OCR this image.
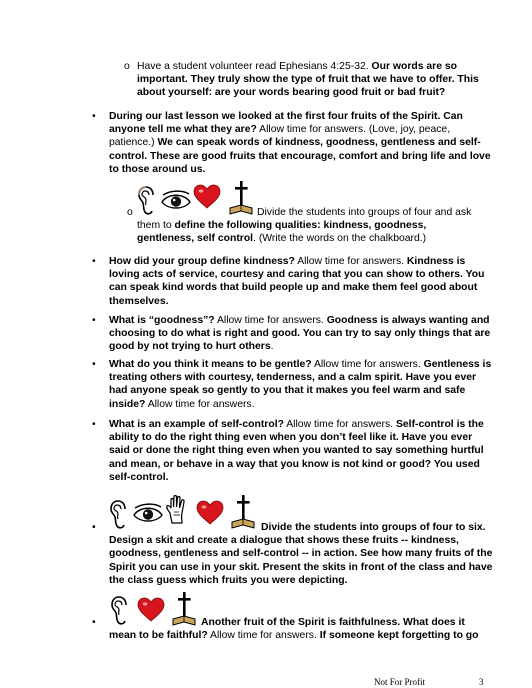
o Have a student volunteer read Ephesians 4:25-32. Our words are so important. They truly show the type of fruit that we have to offer. This about yourself: are your words bearing good fruit or bad fruit?

• During our last lesson we looked at the first four fruits of the Spirit. Can anyone tell me what they are? Allow time for answers. (Love, joy, peace, patience.) We can speak words of kindness, goodness, gentleness and self-control. These are good fruits that encourage, comfort and bring life and love to those around us.

o	Divide the students into groups of four and ask them to define the following qualities: kindness, goodness, gentleness, self control. (Write the words on the chalkboard.)

• How did your group define kindness? Allow time for answers. Kindness is loving acts of service, courtesy and caring that you can show to others. You can speak kind words that build people up and make them feel good about themselves.

• What is “goodness”? Allow time for answers. Goodness is always wanting and choosing to do what is right and good. You can try to say only things that are good by not trying to hurt others.

• What do you think it means to be gentle? Allow time for answers. Gentleness is treating others with courtesy, tenderness, and a calm spirit. Have you ever had anyone speak so gently to you that it makes you feel warm and safe inside? Allow time for answers.

• What is an example of self-control? Allow time for answers. Self-control is the ability to do the right thing even when you don’t feel like it. Have you ever said or done the right thing even when you wanted to say something hurtful and mean, or behave in a way that you know is not kind or good? You used self-control.

•	Divide the students into groups of four to six. Design a skit and create a dialogue that shows these fruits -- kindness, goodness, gentleness and self-control -- in action. See how many fruits of the Spirit you can use in your skit. Present the skits in front of the class and have the class guess which fruits you were depicting.

•	Another fruit of the Spirit is faithfulness. What does it mean to be faithful? Allow time for answers. If someone kept forgetting to go

Not For Profit	3
